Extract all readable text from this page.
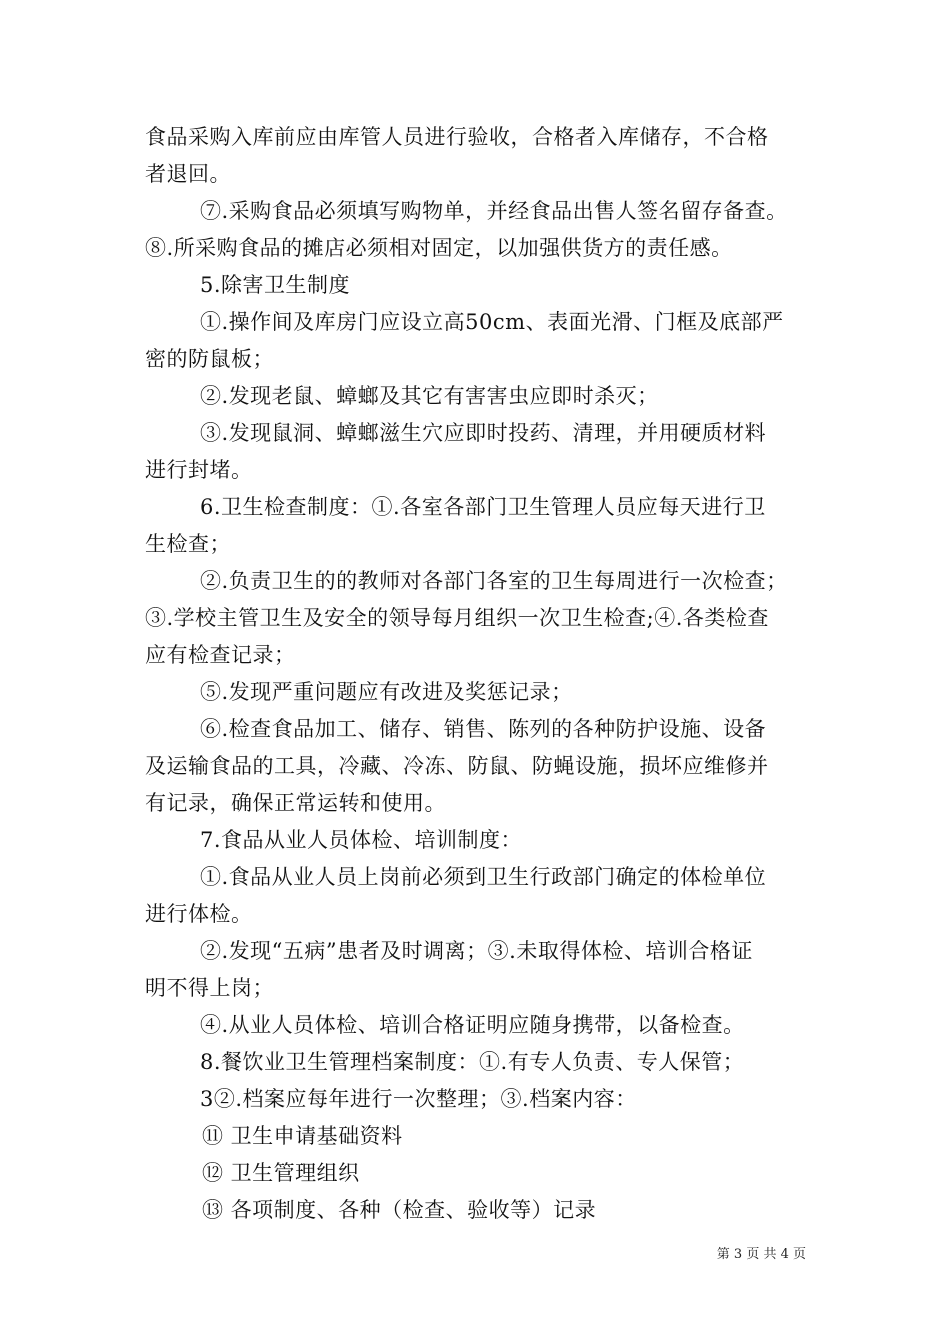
食品采购入库前应由库管人员进行验收，合格者入库储存，不合格
者退回。
⑦.采购食品必须填写购物单，并经食品出售人签名留存备查。
⑧.所采购食品的摊店必须相对固定，以加强供货方的责任感。
5.除害卫生制度
①.操作间及库房门应设立高50cm、表面光滑、门框及底部严
密的防鼠板；
②.发现老鼠、蟑螂及其它有害害虫应即时杀灭；
③.发现鼠洞、蟑螂滋生穴应即时投药、清理，并用硬质材料
进行封堵。
6.卫生检查制度：①.各室各部门卫生管理人员应每天进行卫
生检查；
②.负责卫生的的教师对各部门各室的卫生每周进行一次检查；
③.学校主管卫生及安全的领导每月组织一次卫生检查;④.各类检查
应有检查记录；
⑤.发现严重问题应有改进及奖惩记录；
⑥.检查食品加工、储存、销售、陈列的各种防护设施、设备
及运输食品的工具，冷藏、冷冻、防鼠、防蝇设施，损坏应维修并
有记录，确保正常运转和使用。
7.食品从业人员体检、培训制度：
①.食品从业人员上岗前必须到卫生行政部门确定的体检单位
进行体检。
②.发现“五病”患者及时调离；③.未取得体检、培训合格证
明不得上岗；
④.从业人员体检、培训合格证明应随身携带，以备检查。
8.餐饮业卫生管理档案制度：①.有专人负责、专人保管；
3②.档案应每年进行一次整理；③.档案内容：
⑪ 卫生申请基础资料
⑫ 卫生管理组织
⑬ 各项制度、各种（检查、验收等）记录
第 3 页 共 4 页
